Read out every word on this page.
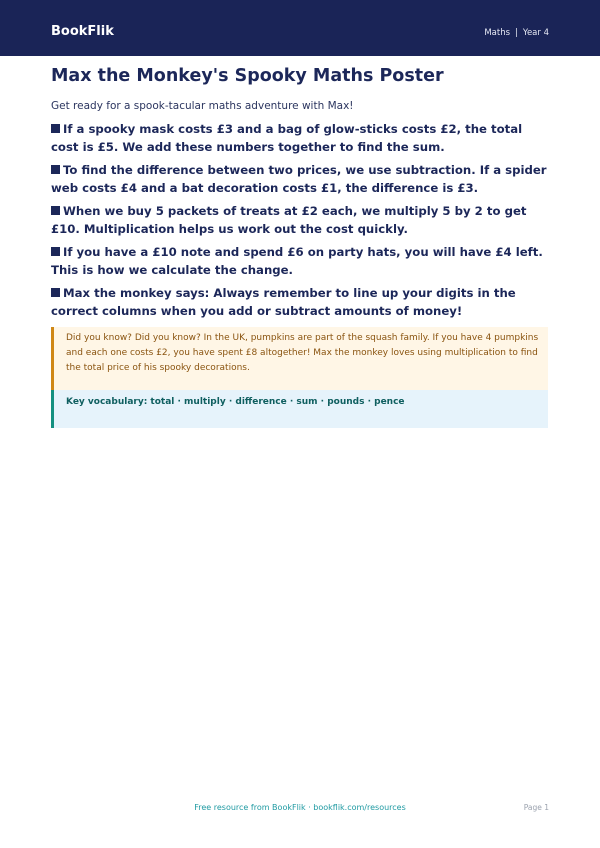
BookFlik	Maths | Year 4
Max the Monkey's Spooky Maths Poster

Get ready for a spook-tacular maths adventure with Max!

If a spooky mask costs £3 and a bag of glow-sticks costs £2, the total cost is £5. We add these numbers together to find the sum.
To find the difference between two prices, we use subtraction. If a spider web costs £4 and a bat decoration costs £1, the difference is £3.
When we buy 5 packets of treats at £2 each, we multiply 5 by 2 to get £10. Multiplication helps us work out the cost quickly.
If you have a £10 note and spend £6 on party hats, you will have £4 left. This is how we calculate the change.
Max the monkey says: Always remember to line up your digits in the correct columns when you add or subtract amounts of money!
Did you know? Did you know? In the UK, pumpkins are part of the squash family. If you have 4 pumpkins and each one costs £2, you have spent £8 altogether! Max the monkey loves using multiplication to find the total price of his spooky decorations.
Key vocabulary: total · multiply · difference · sum · pounds · pence
Free resource from BookFlik · bookflik.com/resources	Page 1
